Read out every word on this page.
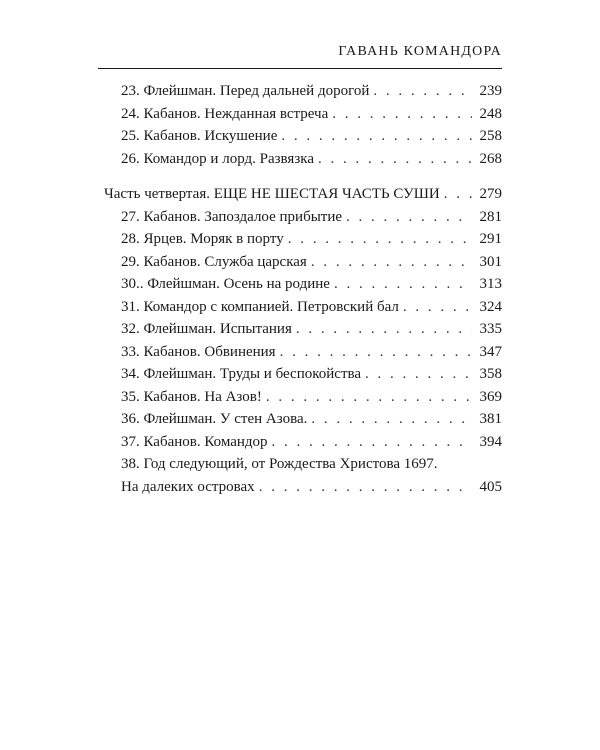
ГАВАНЬ КОМАНДОРА
23. Флейшман. Перед дальней дорогой . . .	239
24. Кабанов. Нежданная встреча . . .	248
25. Кабанов. Искушение . . .	258
26. Командор и лорд. Развязка . . .	268
Часть четвертая. ЕЩЕ НЕ ШЕСТАЯ ЧАСТЬ СУШИ . . .	279
27. Кабанов. Запоздалое прибытие . . .	281
28. Ярцев. Моряк в порту . . .	291
29. Кабанов. Служба царская . . .	301
30.. Флейшман. Осень на родине . . .	313
31. Командор с компанией. Петровский бал . . .	324
32. Флейшман. Испытания . . .	335
33. Кабанов. Обвинения . . .	347
34. Флейшман. Труды и беспокойства . . .	358
35. Кабанов. На Азов! . . .	369
36. Флейшман. У стен Азова. . . .	381
37. Кабанов. Командор . . .	394
38. Год следующий, от Рождества Христова 1697.
На далеких островах . . .	405
